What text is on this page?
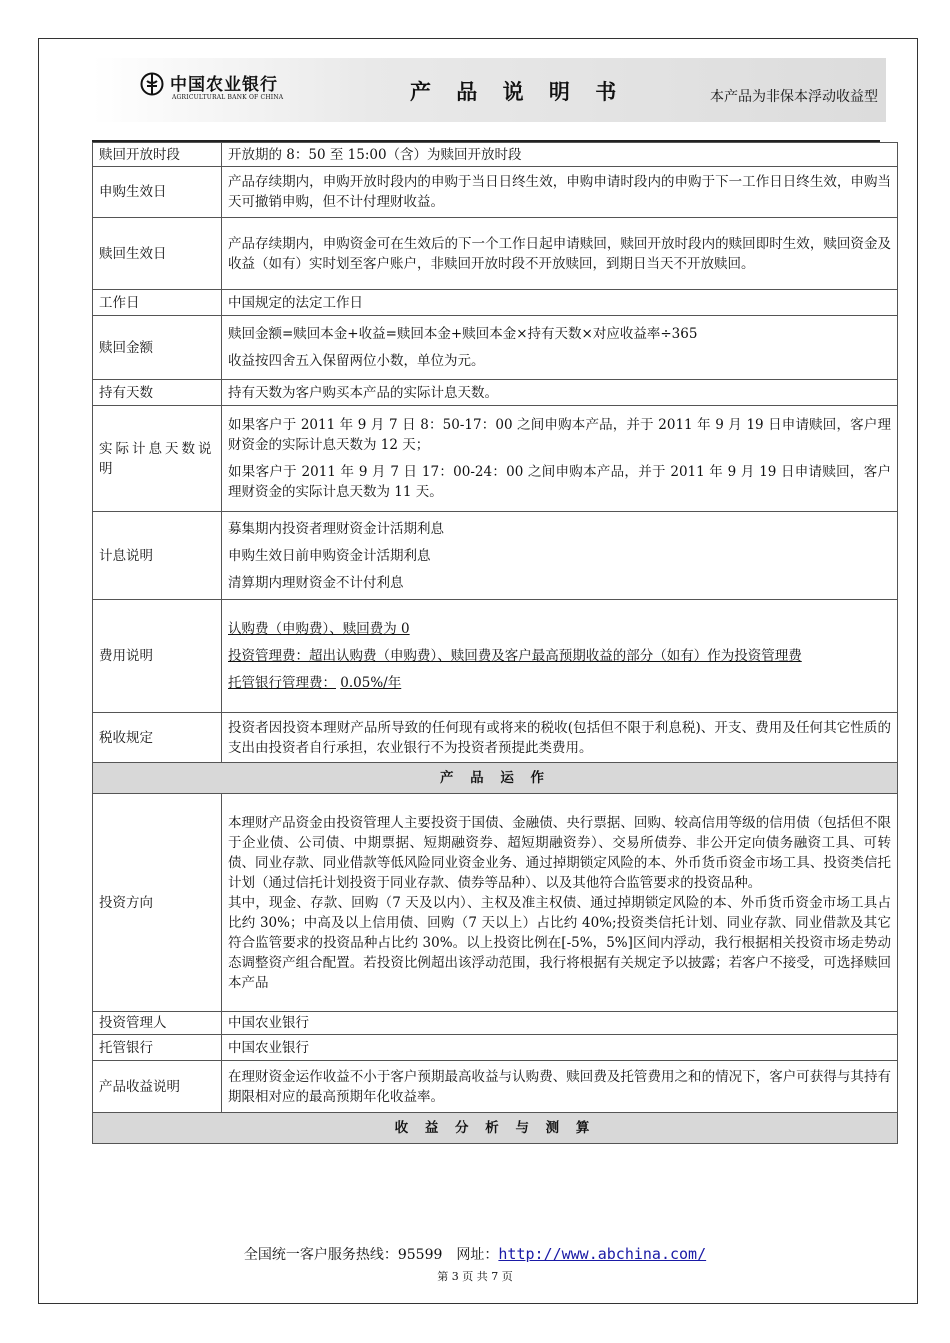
中国农业银行
AGRICULTURAL BANK OF CHINA	产 品 说 明 书	本产品为非保本浮动收益型
赎回开放时段	开放期的 8：50 至 15:00（含）为赎回开放时段
申购生效日	产品存续期内，申购开放时段内的申购于当日日终生效，申购申请时段内的申购于下一工作日日终生效，申购当天可撤销申购，但不计付理财收益。
赎回生效日	产品存续期内，申购资金可在生效后的下一个工作日起申请赎回，赎回开放时段内的赎回即时生效，赎回资金及收益（如有）实时划至客户账户，非赎回开放时段不开放赎回，到期日当天不开放赎回。
工作日	中国规定的法定工作日
赎回金额	赎回金额=赎回本金+收益=赎回本金+赎回本金×持有天数×对应收益率÷365

收益按四舍五入保留两位小数，单位为元。

持有天数	持有天数为客户购买本产品的实际计息天数。
实际计息天数说明	如果客户于 2011 年 9 月 7 日 8：50-17：00 之间申购本产品，并于 2011 年 9 月 19 日申请赎回，客户理财资金的实际计息天数为 12 天；

如果客户于 2011 年 9 月 7 日 17：00-24：00 之间申购本产品，并于 2011 年 9 月 19 日申请赎回，客户理财资金的实际计息天数为 11 天。

计息说明	募集期内投资者理财资金计活期利息

申购生效日前申购资金计活期利息

清算期内理财资金不计付利息

费用说明	认购费（申购费）、赎回费为 0

投资管理费：超出认购费（申购费）、赎回费及客户最高预期收益的部分（如有）作为投资管理费

托管银行管理费： 0.05%/年

税收规定	投资者因投资本理财产品所导致的任何现有或将来的税收(包括但不限于利息税)、开支、费用及任何其它性质的支出由投资者自行承担，农业银行不为投资者预提此类费用。
产 品 运 作	
投资方向	本理财产品资金由投资管理人主要投资于国债、金融债、央行票据、回购、较高信用等级的信用债（包括但不限于企业债、公司债、中期票据、短期融资券、超短期融资券）、交易所债券、非公开定向债务融资工具、可转债、同业存款、同业借款等低风险同业资金业务、通过掉期锁定风险的本、外币货币资金市场工具、投资类信托计划（通过信托计划投资于同业存款、债券等品种）、以及其他符合监管要求的投资品种。

其中，现金、存款、回购（7 天及以内）、主权及准主权债、通过掉期锁定风险的本、外币货币资金市场工具占比约 30%；中高及以上信用债、回购（7 天以上）占比约 40%;投资类信托计划、同业存款、同业借款及其它符合监管要求的投资品种占比约 30%。以上投资比例在[-5%，5%]区间内浮动，我行根据相关投资市场走势动态调整资产组合配置。若投资比例超出该浮动范围，我行将根据有关规定予以披露；若客户不接受，可选择赎回本产品

投资管理人	中国农业银行
托管银行	中国农业银行
产品收益说明	在理财资金运作收益不小于客户预期最高收益与认购费、赎回费及托管费用之和的情况下，客户可获得与其持有期限相对应的最高预期年化收益率。
收 益 分 析 与 测 算	
全国统一客户服务热线：95599　网址：http://www.abchina.com/
第 3 页 共 7 页
